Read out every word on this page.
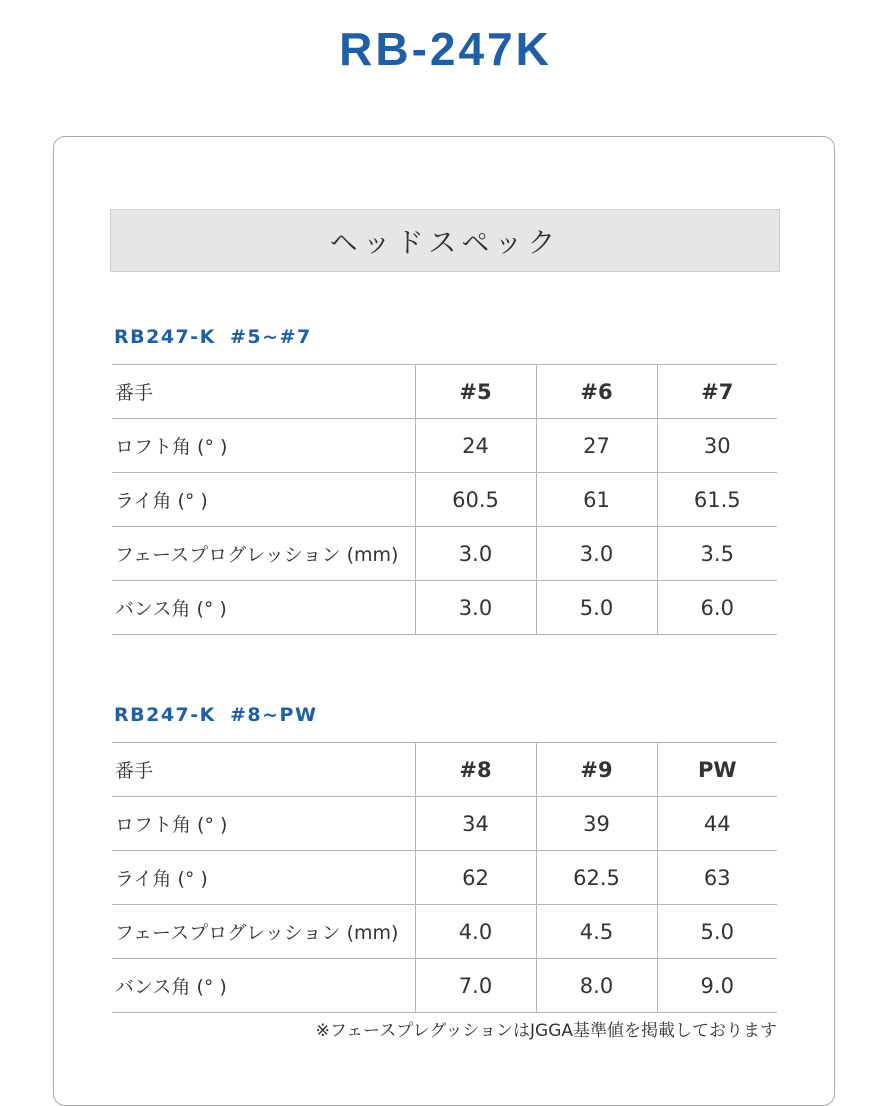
RB-247K
ヘッドスペック
RB247-K #5~#7
番手	#5	#6	#7
ロフト角 (° )	24	27	30
ライ角 (° )	60.5	61	61.5
フェースプログレッション (mm)	3.0	3.0	3.5
バンス角 (° )	3.0	5.0	6.0
RB247-K #8~PW
番手	#8	#9	PW
ロフト角 (° )	34	39	44
ライ角 (° )	62	62.5	63
フェースプログレッション (mm)	4.0	4.5	5.0
バンス角 (° )	7.0	8.0	9.0

※フェースプレグッションはJGGA基準値を掲載しております
